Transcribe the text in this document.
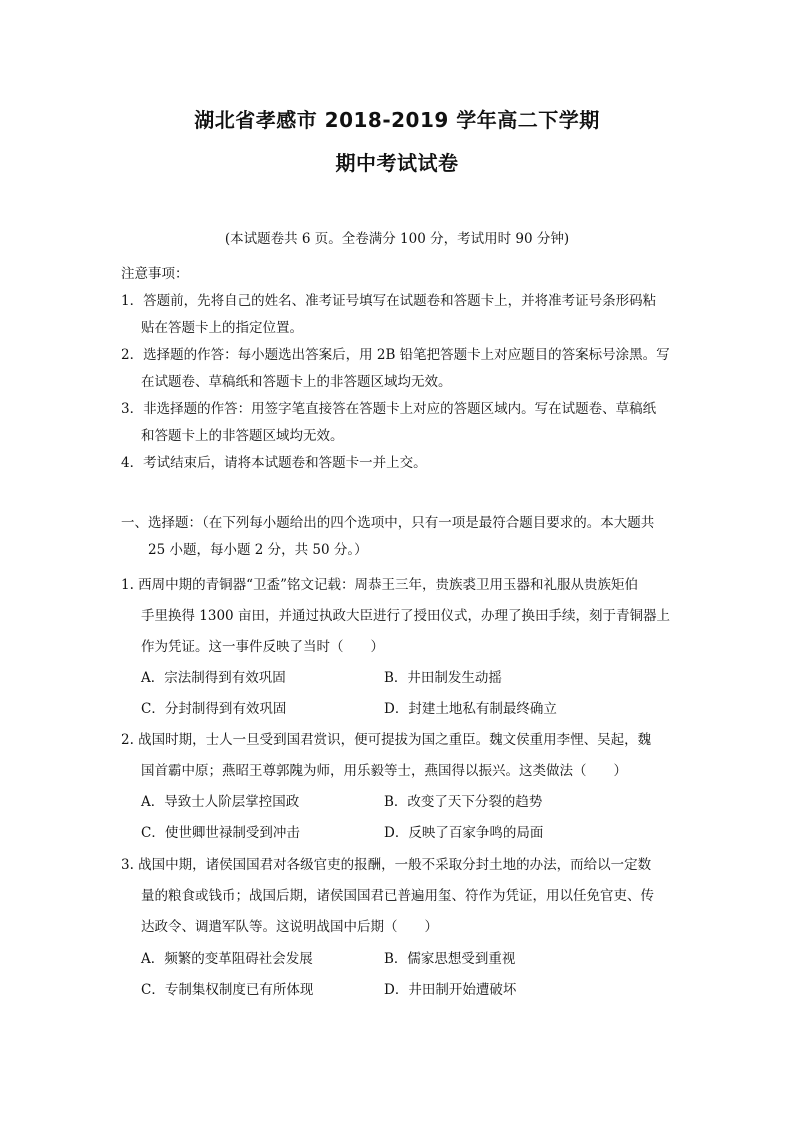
湖北省孝感市 2018-2019 学年高二下学期
期中考试试卷
(本试题卷共 6 页。全卷满分 100 分，考试用时 90 分钟)
注意事项：
1．答题前，先将自己的姓名、准考证号填写在试题卷和答题卡上，并将准考证号条形码粘
贴在答题卡上的指定位置。
2．选择题的作答：每小题选出答案后，用 2B 铅笔把答题卡上对应题目的答案标号涂黑。写
在试题卷、草稿纸和答题卡上的非答题区域均无效。
3．非选择题的作答：用签字笔直接答在答题卡上对应的答题区域内。写在试题卷、草稿纸
和答题卡上的非答题区域均无效。
4．考试结束后，请将本试题卷和答题卡一并上交。
一、选择题：（在下列每小题给出的四个选项中，只有一项是最符合题目要求的。本大题共
25 小题，每小题 2 分，共 50 分。）
1. 西周中期的青铜器“卫盉”铭文记载：周恭王三年，贵族裘卫用玉器和礼服从贵族矩伯
手里换得 1300 亩田，并通过执政大臣进行了授田仪式，办理了换田手续，刻于青铜器上
作为凭证。这一事件反映了当时（　　）
A．宗法制得到有效巩固	B．井田制发生动摇
C．分封制得到有效巩固	D．封建土地私有制最终确立
2. 战国时期，士人一旦受到国君赏识，便可提拔为国之重臣。魏文侯重用李悝、吴起，魏
国首霸中原；燕昭王尊郭隗为师，用乐毅等士，燕国得以振兴。这类做法（　　）
A．导致士人阶层掌控国政	B．改变了天下分裂的趋势
C．使世卿世禄制受到冲击	D．反映了百家争鸣的局面
3. 战国中期，诸侯国国君对各级官吏的报酬，一般不采取分封土地的办法，而给以一定数
量的粮食或钱币；战国后期，诸侯国国君已普遍用玺、符作为凭证，用以任免官吏、传
达政令、调遣军队等。这说明战国中后期（　　）
A．频繁的变革阻碍社会发展	B．儒家思想受到重视
C．专制集权制度已有所体现	D．井田制开始遭破坏
